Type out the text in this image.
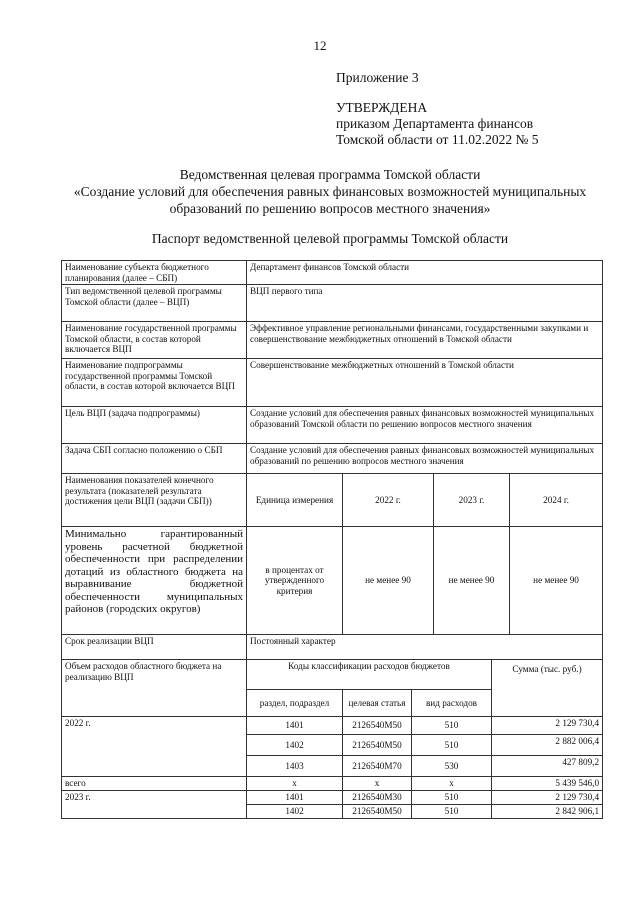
12
Приложение 3
УТВЕРЖДЕНА
приказом Департамента финансов
Томской области от 11.02.2022 № 5
Ведомственная целевая программа Томской области
«Создание условий для обеспечения равных финансовых возможностей муниципальных
образований по решению вопросов местного значения»
Паспорт ведомственной целевой программы Томской области
Наименование субъекта бюджетного планирования (далее – СБП)	Департамент финансов Томской области					
Тип ведомственной целевой программы Томской области (далее – ВЦП)	ВЦП первого типа					
Наименование государственной программы Томской области, в состав которой включается ВЦП	Эффективное управление региональными финансами, государственными закупками и совершенствование межбюджетных отношений в Томской области					
Наименование подпрограммы государственной программы Томской области, в состав которой включается ВЦП	Совершенствование межбюджетных отношений в Томской области					
Цель ВЦП (задача подпрограммы)	Создание условий для обеспечения равных финансовых возможностей муниципальных образований Томской области по решению вопросов местного значения					
Задача СБП согласно положению о СБП	Создание условий для обеспечения равных финансовых возможностей муниципальных образований по решению вопросов местного значения					
Наименования показателей конечного результата (показателей результата достижения цели ВЦП (задачи СБП))	Единица измерения	2022 г.		2023 г.		2024 г.
Минимально гарантированный уровень расчетной бюджетной обеспеченности при распределении дотаций из областного бюджета на выравнивание бюджетной обеспеченности муниципальных районов (городских округов)	в процентах от утвержденного критерия	не менее 90		не менее 90		не менее 90
Срок реализации ВЦП	Постоянный характер					
Объем расходов областного бюджета на реализацию ВЦП	Коды классификации расходов бюджетов				Сумма (тыс. руб.)	
	раздел, подраздел	целевая статья	вид расходов			
2022 г.	1401	2126540М50	510		2 129 730,4	
	1402	2126540М50	510		2 882 006,4	
	1403	2126540М70	530		427 809,2	
всего	х	х	х		5 439 546,0	
2023 г.	1401	2126540М30	510		2 129 730,4	
	1402	2126540М50	510		2 842 906,1	
